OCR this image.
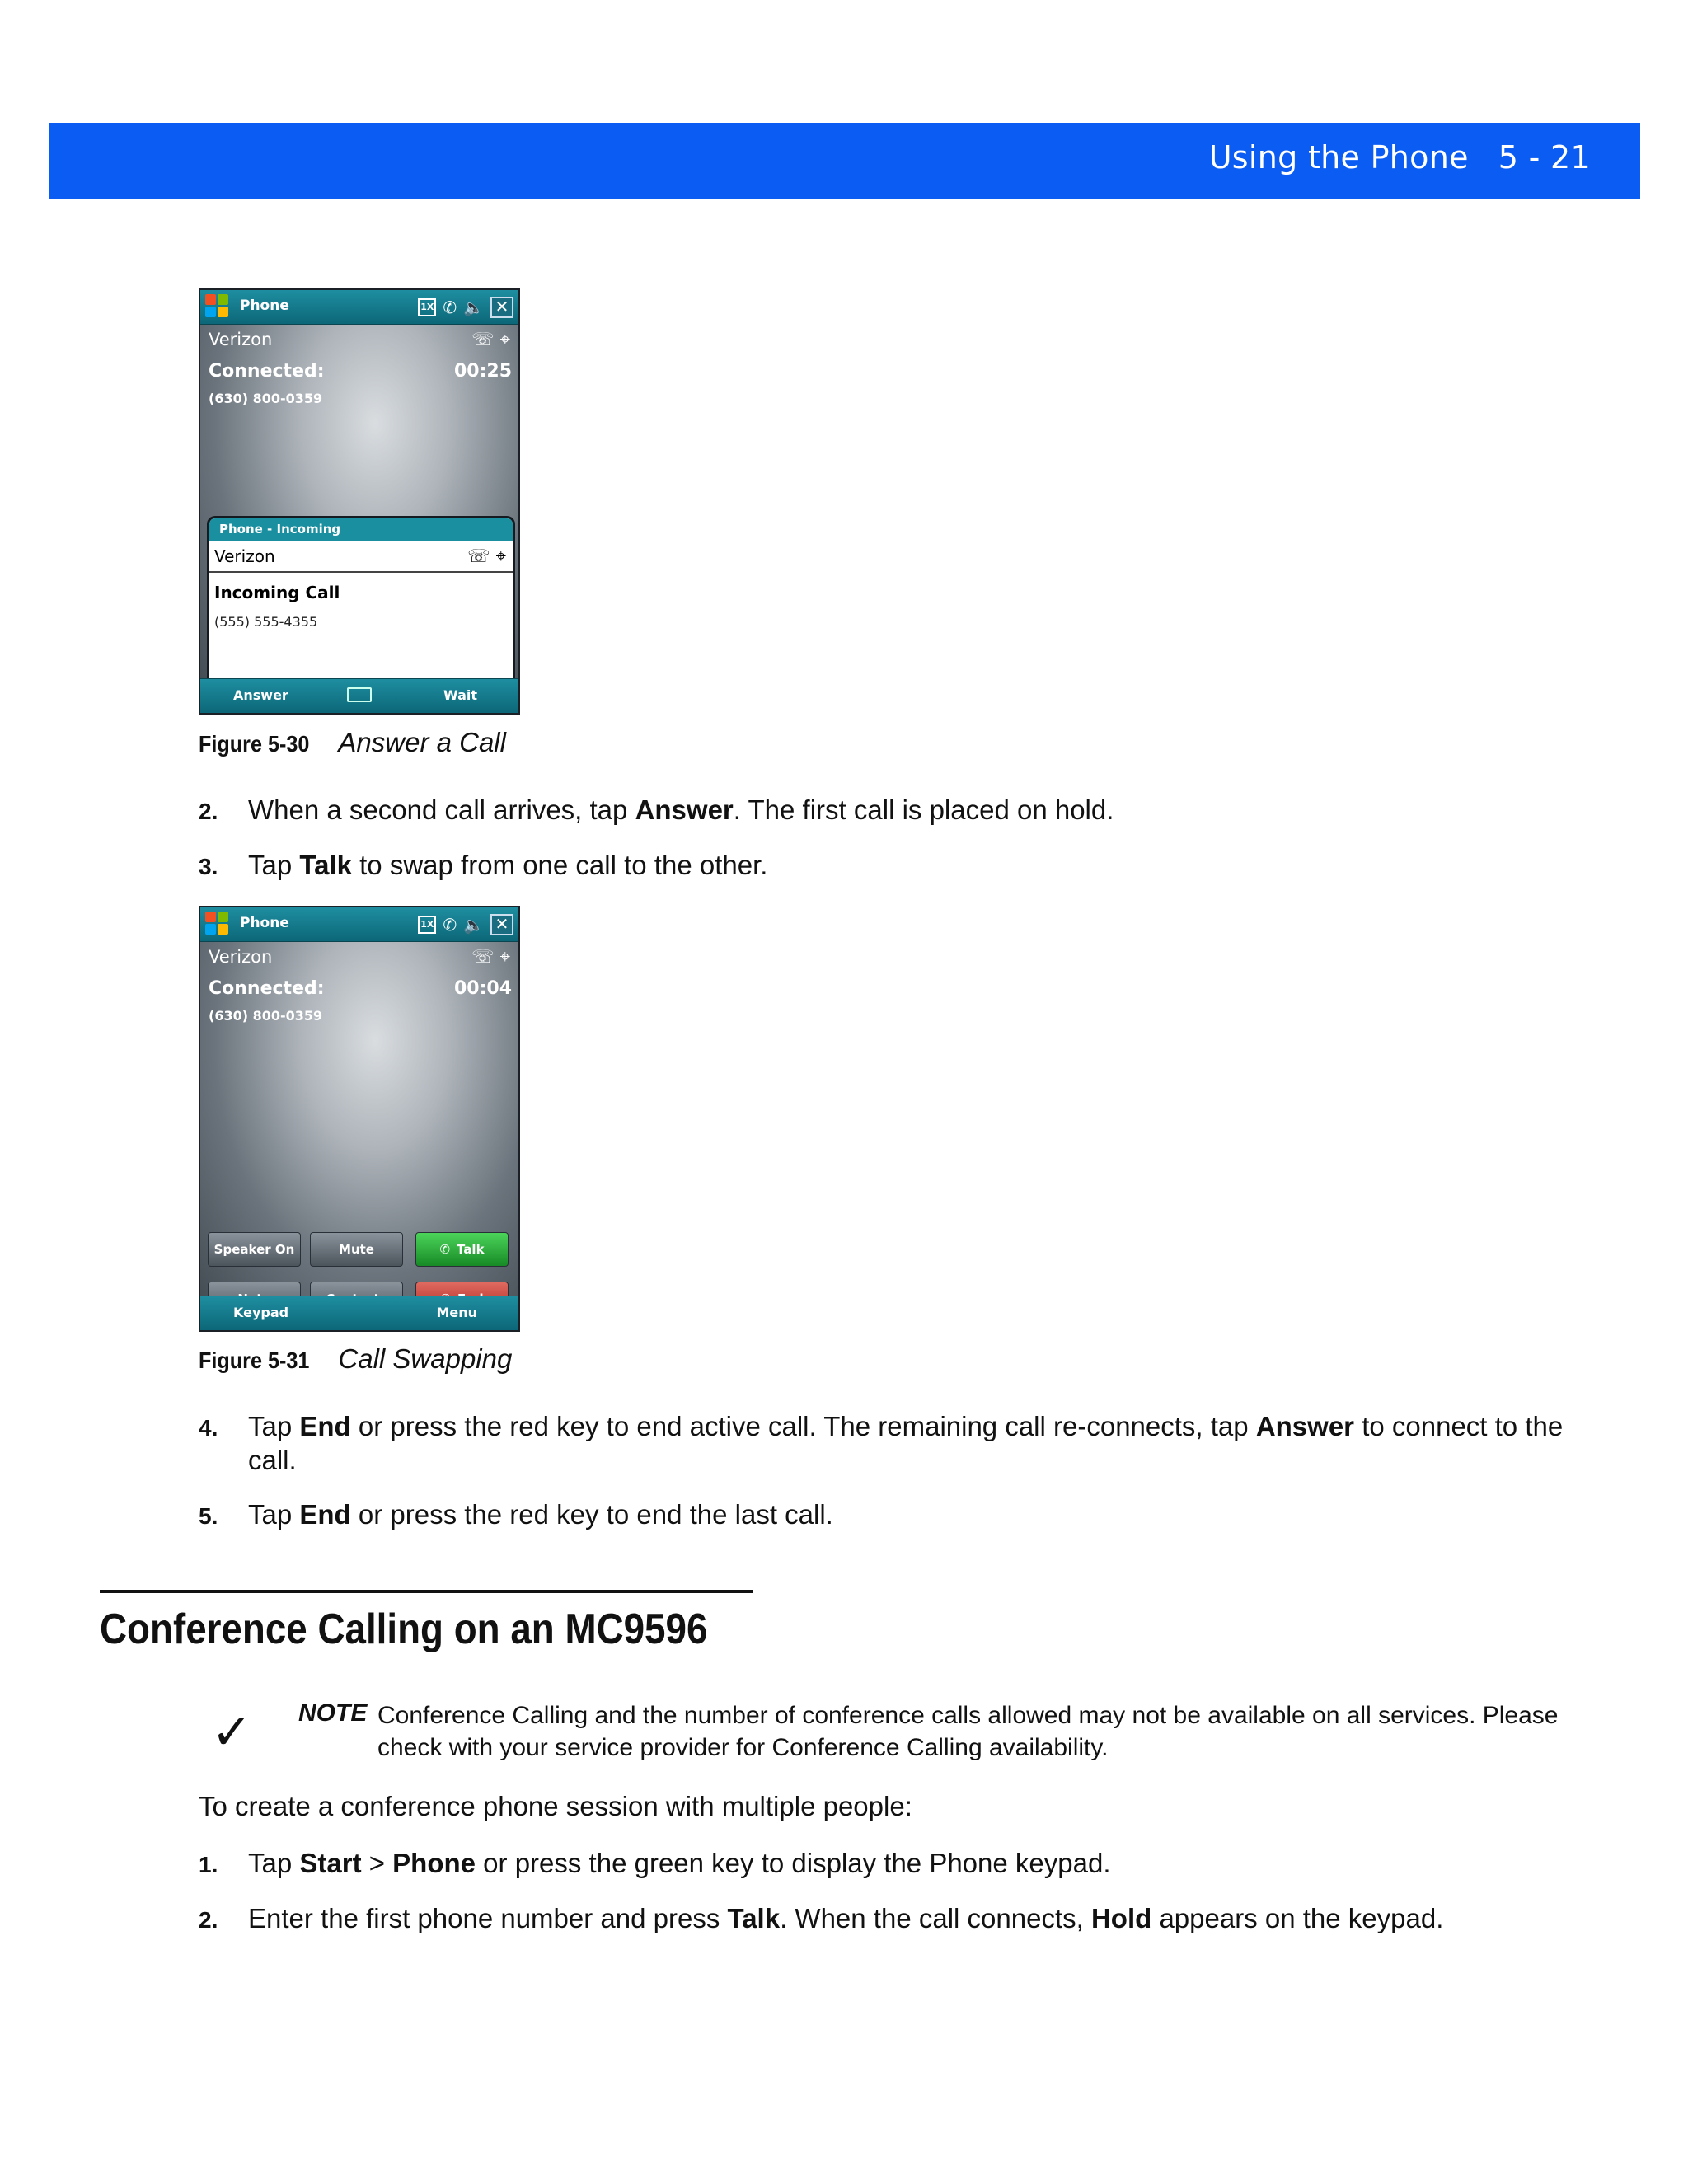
Using the Phone 5 - 21
Phone	1X ✆ 🔈 ✕
Verizon	☏ ⌖
Connected:	00:25
(630) 800-0359
Phone - Incoming
Verizon	☏ ⌖
Incoming Call
(555) 555-4355
Answer	Wait
Figure 5-30 Answer a Call
2. When a second call arrives, tap Answer. The first call is placed on hold.
3. Tap Talk to swap from one call to the other.
Phone	1X ✆ 🔈 ✕
Verizon	☏ ⌖
Connected:	00:04
(630) 800-0359
Speaker On	Mute	✆ Talk
Keypad	Menu
Figure 5-31 Call Swapping
4. Tap End or press the red key to end active call. The remaining call re-connects, tap Answer to connect to the call.
5. Tap End or press the red key to end the last call.
Conference Calling on an MC9596
✓ NOTE Conference Calling and the number of conference calls allowed may not be available on all services. Please check with your service provider for Conference Calling availability.
To create a conference phone session with multiple people:
1. Tap Start > Phone or press the green key to display the Phone keypad.
2. Enter the first phone number and press Talk. When the call connects, Hold appears on the keypad.
